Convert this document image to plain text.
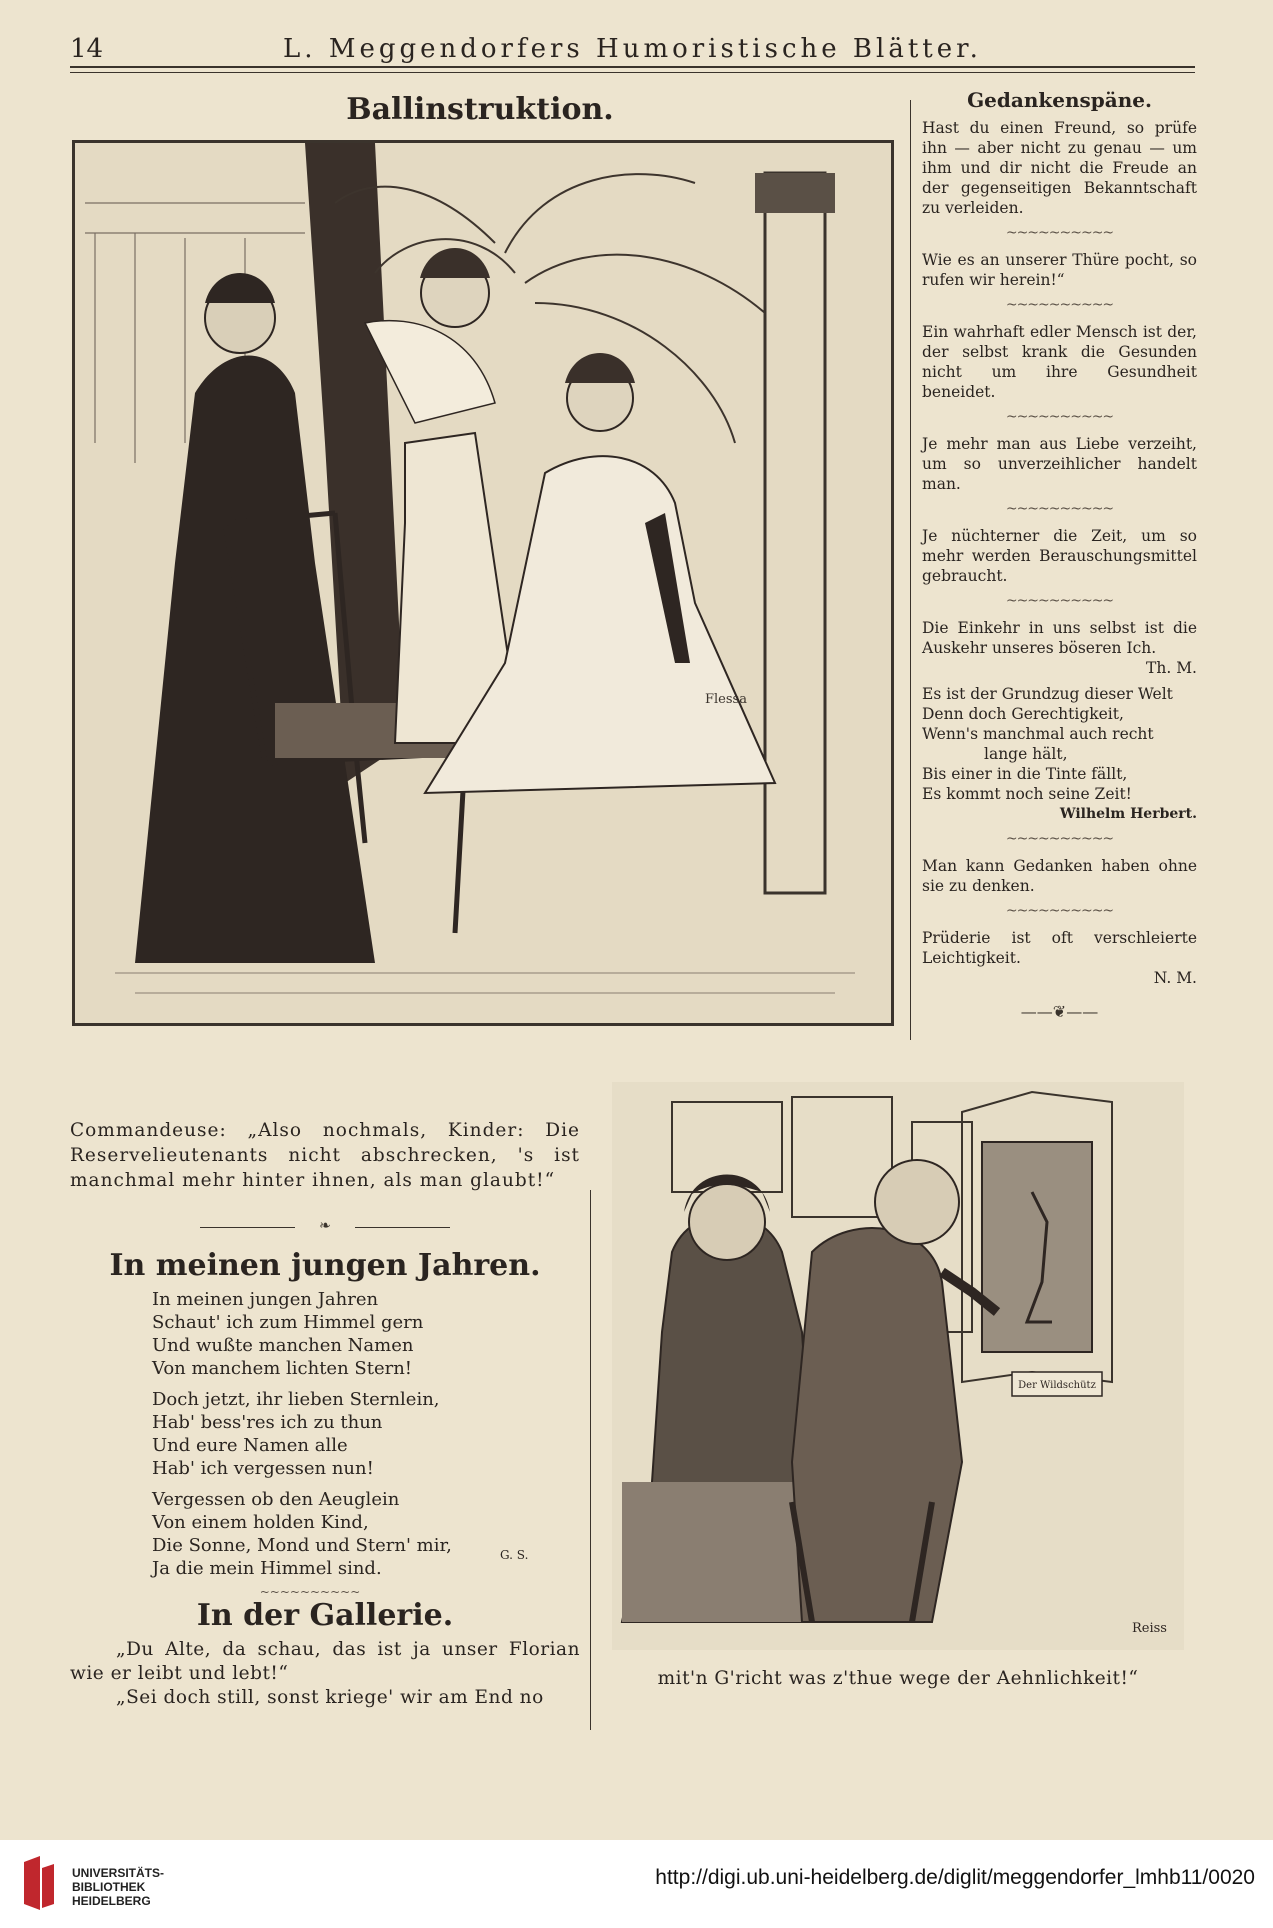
14	L. Meggendorfers Humoristische Blätter.
Ballinstruktion.
Flessa
Gedankenspäne.

Hast du einen Freund, so prüfe ihn — aber nicht zu genau — um ihm und dir nicht die Freude an der gegenseitigen Bekanntschaft zu verleiden.

~~~~~~~~~~

Wie es an unserer Thüre pocht, so rufen wir herein!“

~~~~~~~~~~

Ein wahrhaft edler Mensch ist der, der selbst krank die Gesunden nicht um ihre Gesundheit beneidet.

~~~~~~~~~~

Je mehr man aus Liebe verzeiht, um so unverzeihlicher handelt man.

~~~~~~~~~~

Je nüchterner die Zeit, um so mehr werden Berauschungsmittel gebraucht.

~~~~~~~~~~

Die Einkehr in uns selbst ist die Auskehr unseres böseren Ich.

Th. M.

Es ist der Grundzug dieser Welt

Denn doch Gerechtigkeit,

Wenn's manchmal auch recht

lange hält,

Bis einer in die Tinte fällt,

Es kommt noch seine Zeit!

Wilhelm Herbert.
~~~~~~~~~~

Man kann Gedanken haben ohne sie zu denken.

~~~~~~~~~~

Prüderie ist oft verschleierte Leichtigkeit.

N. M.
——❦——
Commandeuse: „Also nochmals, Kinder: Die Reservelieutenants nicht abschrecken, 's ist manchmal mehr hinter ihnen, als man glaubt!“
❧
In meinen jungen Jahren.

In meinen jungen Jahren

Schaut' ich zum Himmel gern

Und wußte manchen Namen

Von manchem lichten Stern!

Doch jetzt, ihr lieben Sternlein,

Hab' bess'res ich zu thun

Und eure Namen alle

Hab' ich vergessen nun!

Vergessen ob den Aeuglein

Von einem holden Kind,

Die Sonne, Mond und Stern' mir,

Ja die mein Himmel sind.

G. S.
~~~~~~~~~~
In der Gallerie.

„Du Alte, da schau, das ist ja unser Florian wie er leibt und lebt!“

„Sei doch still, sonst kriege' wir am End no

Der Wildschütz
Reiss
mit'n G'richt was z'thue wege der Aehnlichkeit!“
UNIVERSITÄTS-
BIBLIOTHEK
HEIDELBERG
http://digi.ub.uni-heidelberg.de/diglit/meggendorfer_lmhb11/0020
